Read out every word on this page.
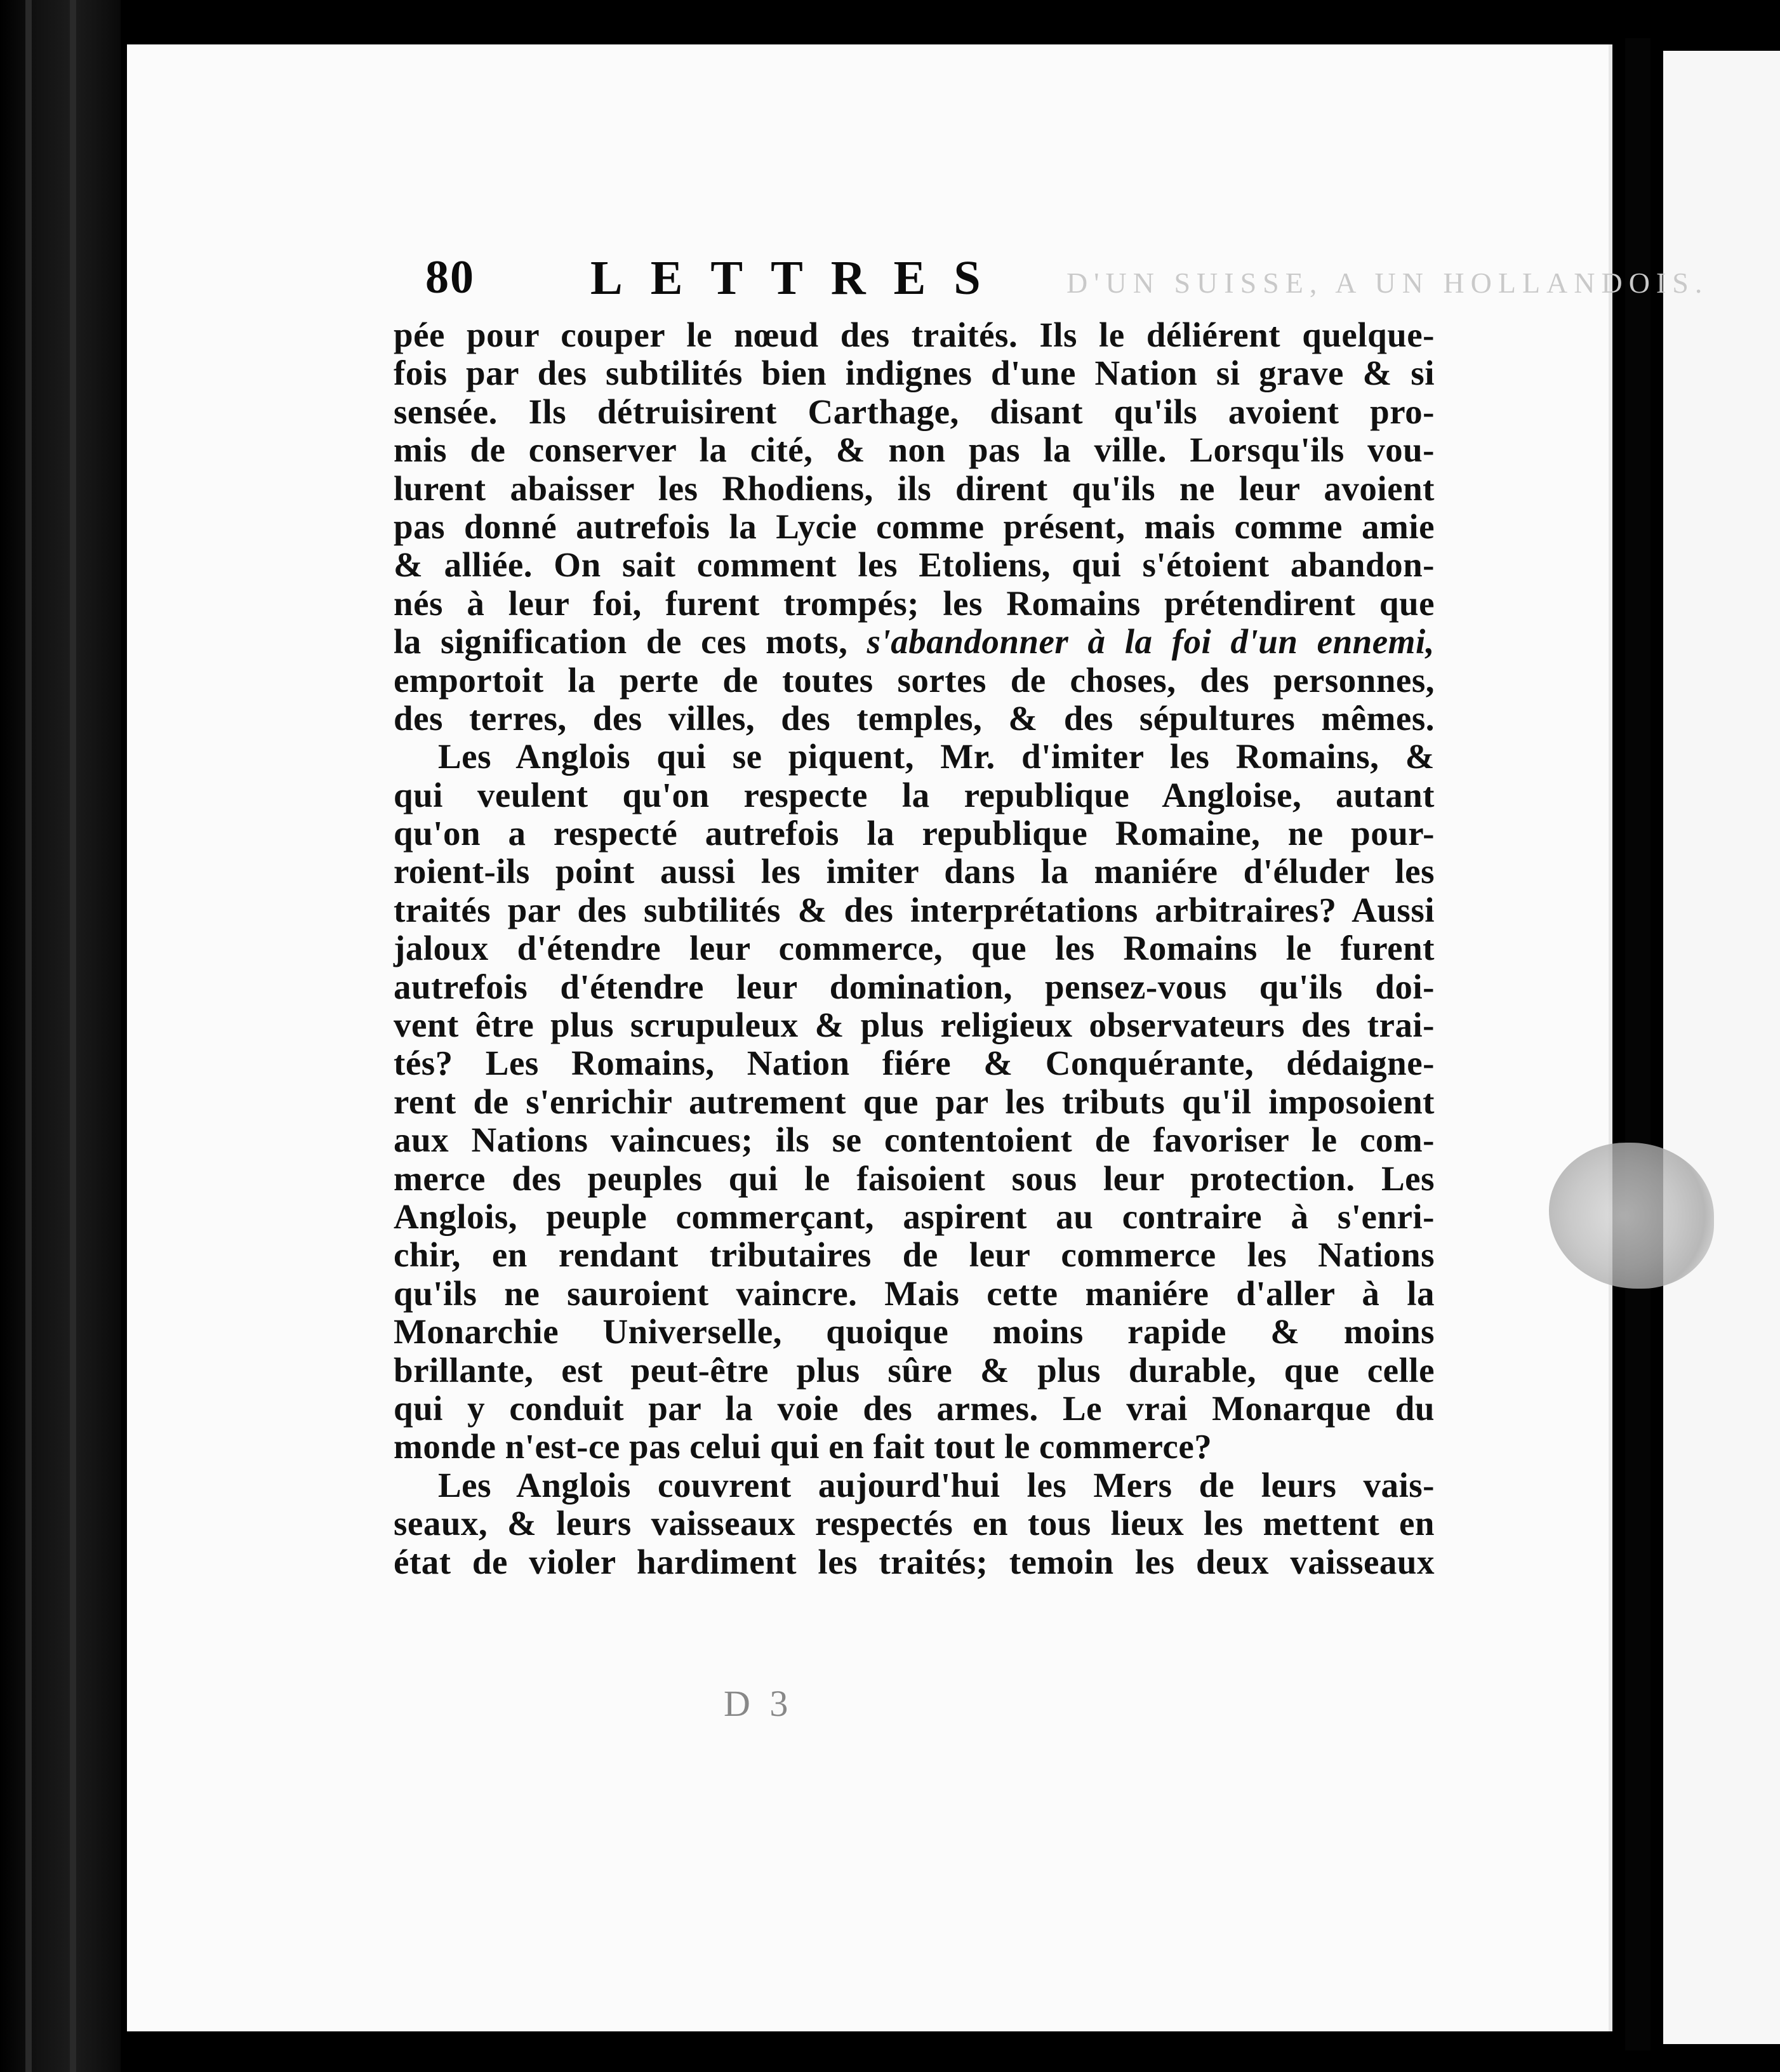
80 LETTRES D'UN SUISSE, A UN HOLLANDOIS.
pée pour couper le nœud des traités. Ils le déliérent quelque-
fois par des subtilités bien indignes d'une Nation si grave & si
sensée. Ils détruisirent Carthage, disant qu'ils avoient pro-
mis de conserver la cité, & non pas la ville. Lorsqu'ils vou-
lurent abaisser les Rhodiens, ils dirent qu'ils ne leur avoient
pas donné autrefois la Lycie comme présent, mais comme amie
& alliée. On sait comment les Etoliens, qui s'étoient abandon-
nés à leur foi, furent trompés; les Romains prétendirent que
la signification de ces mots, s'abandonner à la foi d'un ennemi,
emportoit la perte de toutes sortes de choses, des personnes,
des terres, des villes, des temples, & des sépultures mêmes.
Les Anglois qui se piquent, Mr. d'imiter les Romains, &
qui veulent qu'on respecte la republique Angloise, autant
qu'on a respecté autrefois la republique Romaine, ne pour-
roient-ils point aussi les imiter dans la maniére d'éluder les
traités par des subtilités & des interprétations arbitraires? Aussi
jaloux d'étendre leur commerce, que les Romains le furent
autrefois d'étendre leur domination, pensez-vous qu'ils doi-
vent être plus scrupuleux & plus religieux observateurs des trai-
tés? Les Romains, Nation fiére & Conquérante, dédaigne-
rent de s'enrichir autrement que par les tributs qu'il imposoient
aux Nations vaincues; ils se contentoient de favoriser le com-
merce des peuples qui le faisoient sous leur protection. Les
Anglois, peuple commerçant, aspirent au contraire à s'enri-
chir, en rendant tributaires de leur commerce les Nations
qu'ils ne sauroient vaincre. Mais cette maniére d'aller à la
Monarchie Universelle, quoique moins rapide & moins
brillante, est peut-être plus sûre & plus durable, que celle
qui y conduit par la voie des armes. Le vrai Monarque du
monde n'est-ce pas celui qui en fait tout le commerce?
Les Anglois couvrent aujourd'hui les Mers de leurs vais-
seaux, & leurs vaisseaux respectés en tous lieux les mettent en
état de violer hardiment les traités; temoin les deux vaisseaux
D 3
